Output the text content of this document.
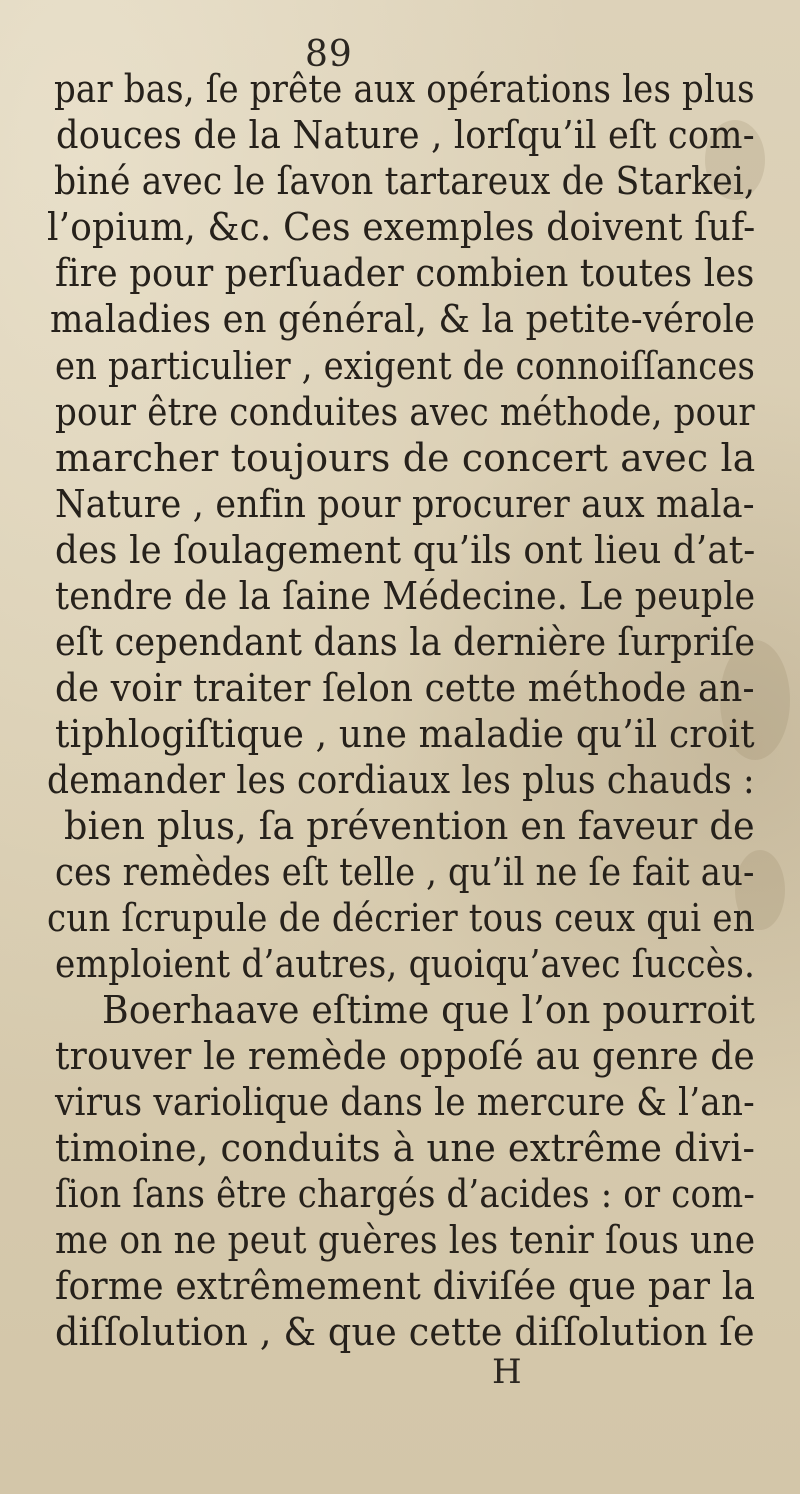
89
par bas, ſe prête aux opérations les plus
douces de la Nature , lorſqu’il eſt com-
biné avec le ſavon tartareux de Starkei,
l’opium, &c. Ces exemples doivent ſuf-
fire pour perſuader combien toutes les
maladies en général, & la petite-vérole
en particulier , exigent de connoiſſances
pour être conduites avec méthode, pour
marcher toujours de concert avec la
Nature , enfin pour procurer aux mala-
des le ſoulagement qu’ils ont lieu d’at-
tendre de la ſaine Médecine. Le peuple
eſt cependant dans la dernière ſurpriſe
de voir traiter ſelon cette méthode an-
tiphlogiſtique , une maladie qu’il croit
demander les cordiaux les plus chauds :
bien plus, ſa prévention en faveur de
ces remèdes eſt telle , qu’il ne ſe fait au-
cun ſcrupule de décrier tous ceux qui en
emploient d’autres, quoiqu’avec ſuccès.
Boerhaave eſtime que l’on pourroit
trouver le remède oppoſé au genre de
virus variolique dans le mercure & l’an-
timoine, conduits à une extrême divi-
ſion ſans être chargés d’acides : or com-
me on ne peut guères les tenir ſous une
forme extrêmement diviſée que par la
diſſolution , & que cette diſſolution ſe
H
